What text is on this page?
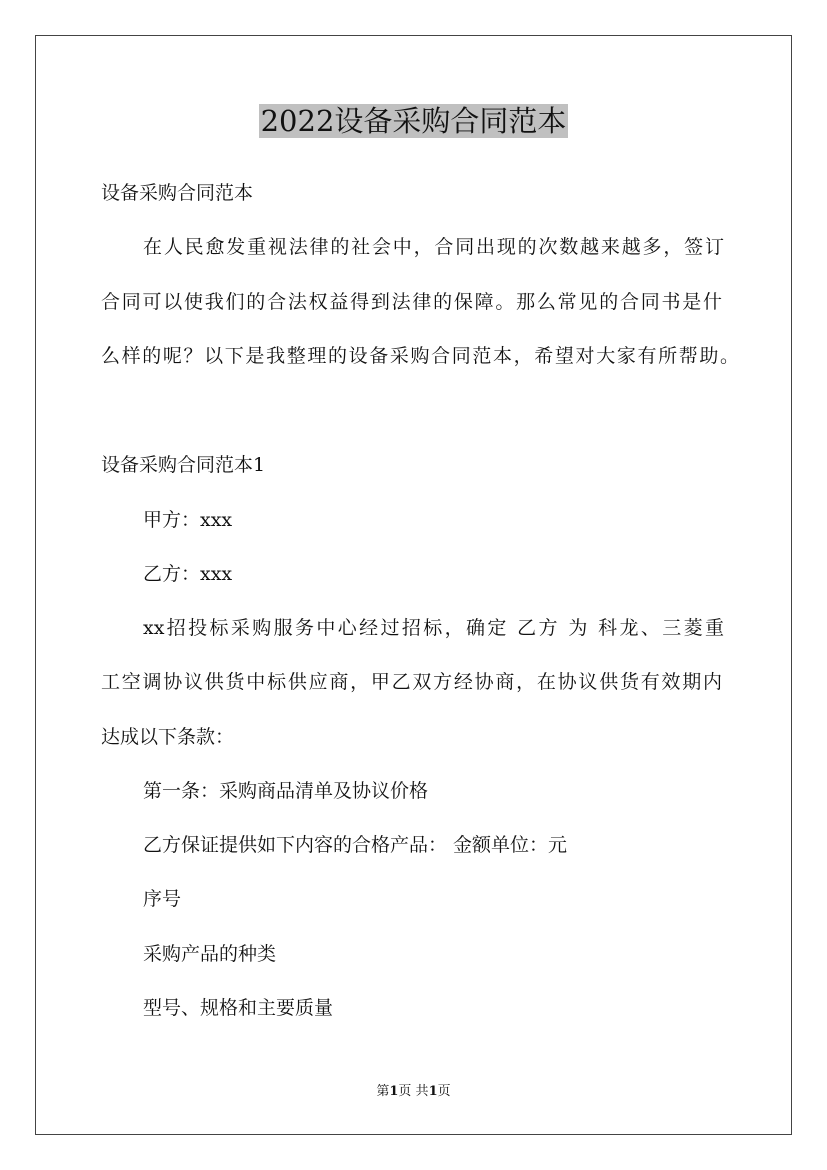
2022设备采购合同范本
设备采购合同范本
在人民愈发重视法律的社会中，合同出现的次数越来越多，签订
合同可以使我们的合法权益得到法律的保障。那么常见的合同书是什
么样的呢？以下是我整理的设备采购合同范本，希望对大家有所帮助。
设备采购合同范本1
甲方：xxx
乙方：xxx
xx招投标采购服务中心经过招标，确定 乙方 为 科龙、三菱重
工空调协议供货中标供应商，甲乙双方经协商，在协议供货有效期内
达成以下条款：
第一条：采购商品清单及协议价格
乙方保证提供如下内容的合格产品： 金额单位：元
序号
采购产品的种类
型号、规格和主要质量
第1页 共1页
